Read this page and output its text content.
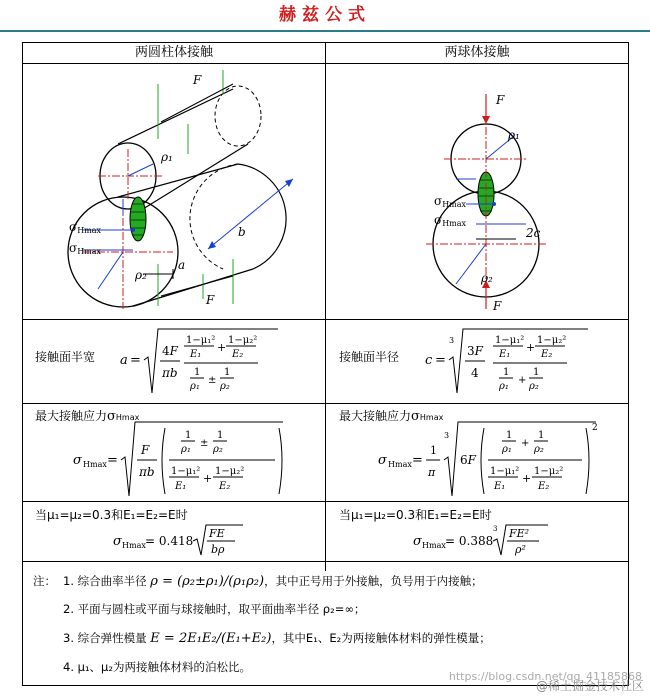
赫兹公式
两圆柱体接触	两球体接触
F
F
ρ₁
ρ₂
a
b
σHmax
σHmax
F
F
ρ₁
ρ₂
2c
σHmax
σHmax
接触面半宽 a =
4F
πb
1−μ₁²
E₁
+
1−μ₂²
E₂
1
ρ₁
±
1
ρ₂
接触面半径 c =
3
3F
4
1−μ₁²
E₁
+
1−μ₂²
E₂
1
ρ₁
+
1
ρ₂
最大接触应力σHmax
σ Hmax =
F
πb
1
ρ₁
±
1
ρ₂
1−μ₁²
E₁
+
1−μ₂²
E₂
最大接触应力σHmax
σ Hmax =
1
π
3
6F
2
1
ρ₁
+
1
ρ₂
1−μ₁²
E₁
+
1−μ₂²
E₂
当μ₁=μ₂=0.3和E₁=E₂=E时
σ Hmax = 0.418
FE
bρ
当μ₁=μ₂=0.3和E₁=E₂=E时
σ Hmax = 0.388
3 FE²
ρ²
注： 1. 综合曲率半径 ρ = (ρ₂±ρ₁)/(ρ₁ρ₂)，其中正号用于外接触，负号用于内接触；
2. 平面与圆柱或平面与球接触时，取平面曲率半径 ρ₂=∞；
3. 综合弹性模量 E = 2E₁E₂/(E₁+E₂)，其中E₁、E₂为两接触体材料的弹性模量；
4. μ₁、μ₂为两接触体材料的泊松比。
https://blog.csdn.net/qq_41185868
@稀土掘金技术社区
